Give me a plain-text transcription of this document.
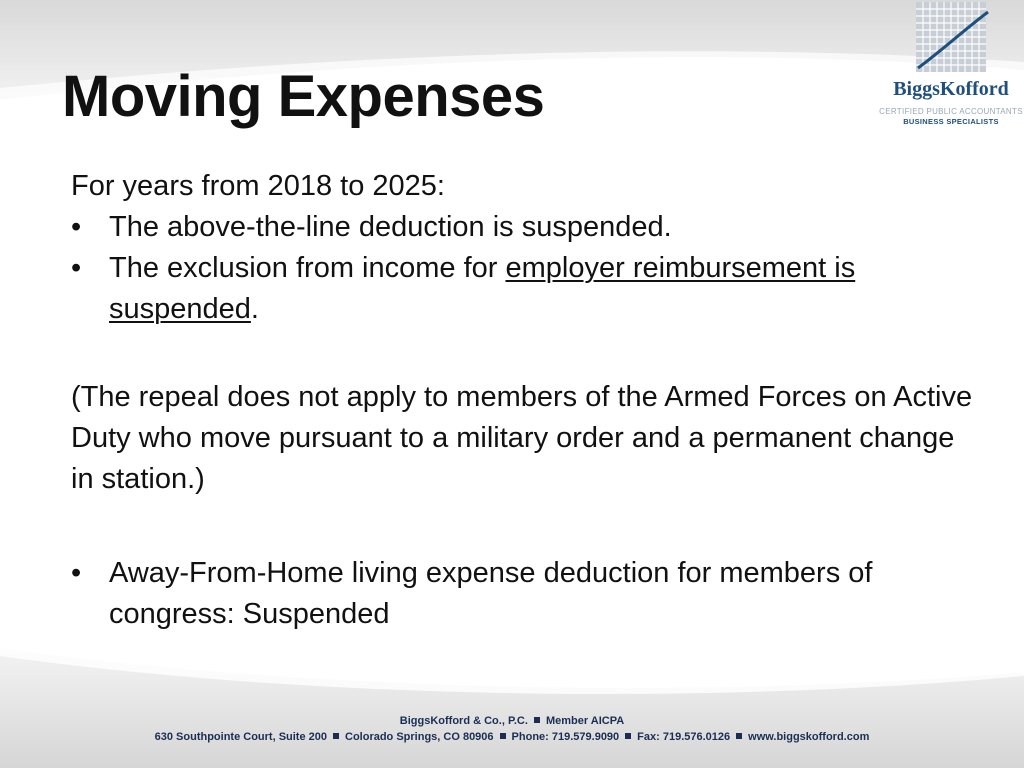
Moving Expenses	BiggsKofford
CERTIFIED PUBLIC ACCOUNTANTS
BUSINESS SPECIALISTS

For years from 2018 to 2025:

• The above-the-line deduction is suspended.
• The exclusion from income for employer reimbursement is suspended.

(The repeal does not apply to members of the Armed Forces on Active Duty who move pursuant to a military order and a permanent change in station.)

• Away-From-Home living expense deduction for members of congress: Suspended
BiggsKofford & Co., P.C. Member AICPA
630 Southpointe Court, Suite 200 Colorado Springs, CO 80906 Phone: 719.579.9090 Fax: 719.576.0126 www.biggskofford.com
